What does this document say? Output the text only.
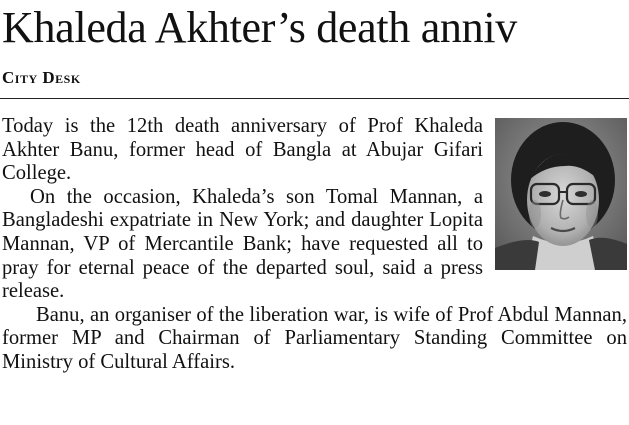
Khaleda Akhter’s death anniv
City Desk

Today is the 12th death anniversary of Prof Khaleda Akhter Banu, former head of Bangla at Abujar Gifari College.

On the occasion, Khaleda’s son Tomal Mannan, a Bangladeshi expatriate in New York; and daughter Lopita Mannan, VP of Mercantile Bank; have requested all to pray for eternal peace of the departed soul, said a press release.

Banu, an organiser of the liberation war, is wife of Prof Abdul Mannan, former MP and Chairman of Parliamentary Standing Committee on Ministry of Cultural Affairs.
